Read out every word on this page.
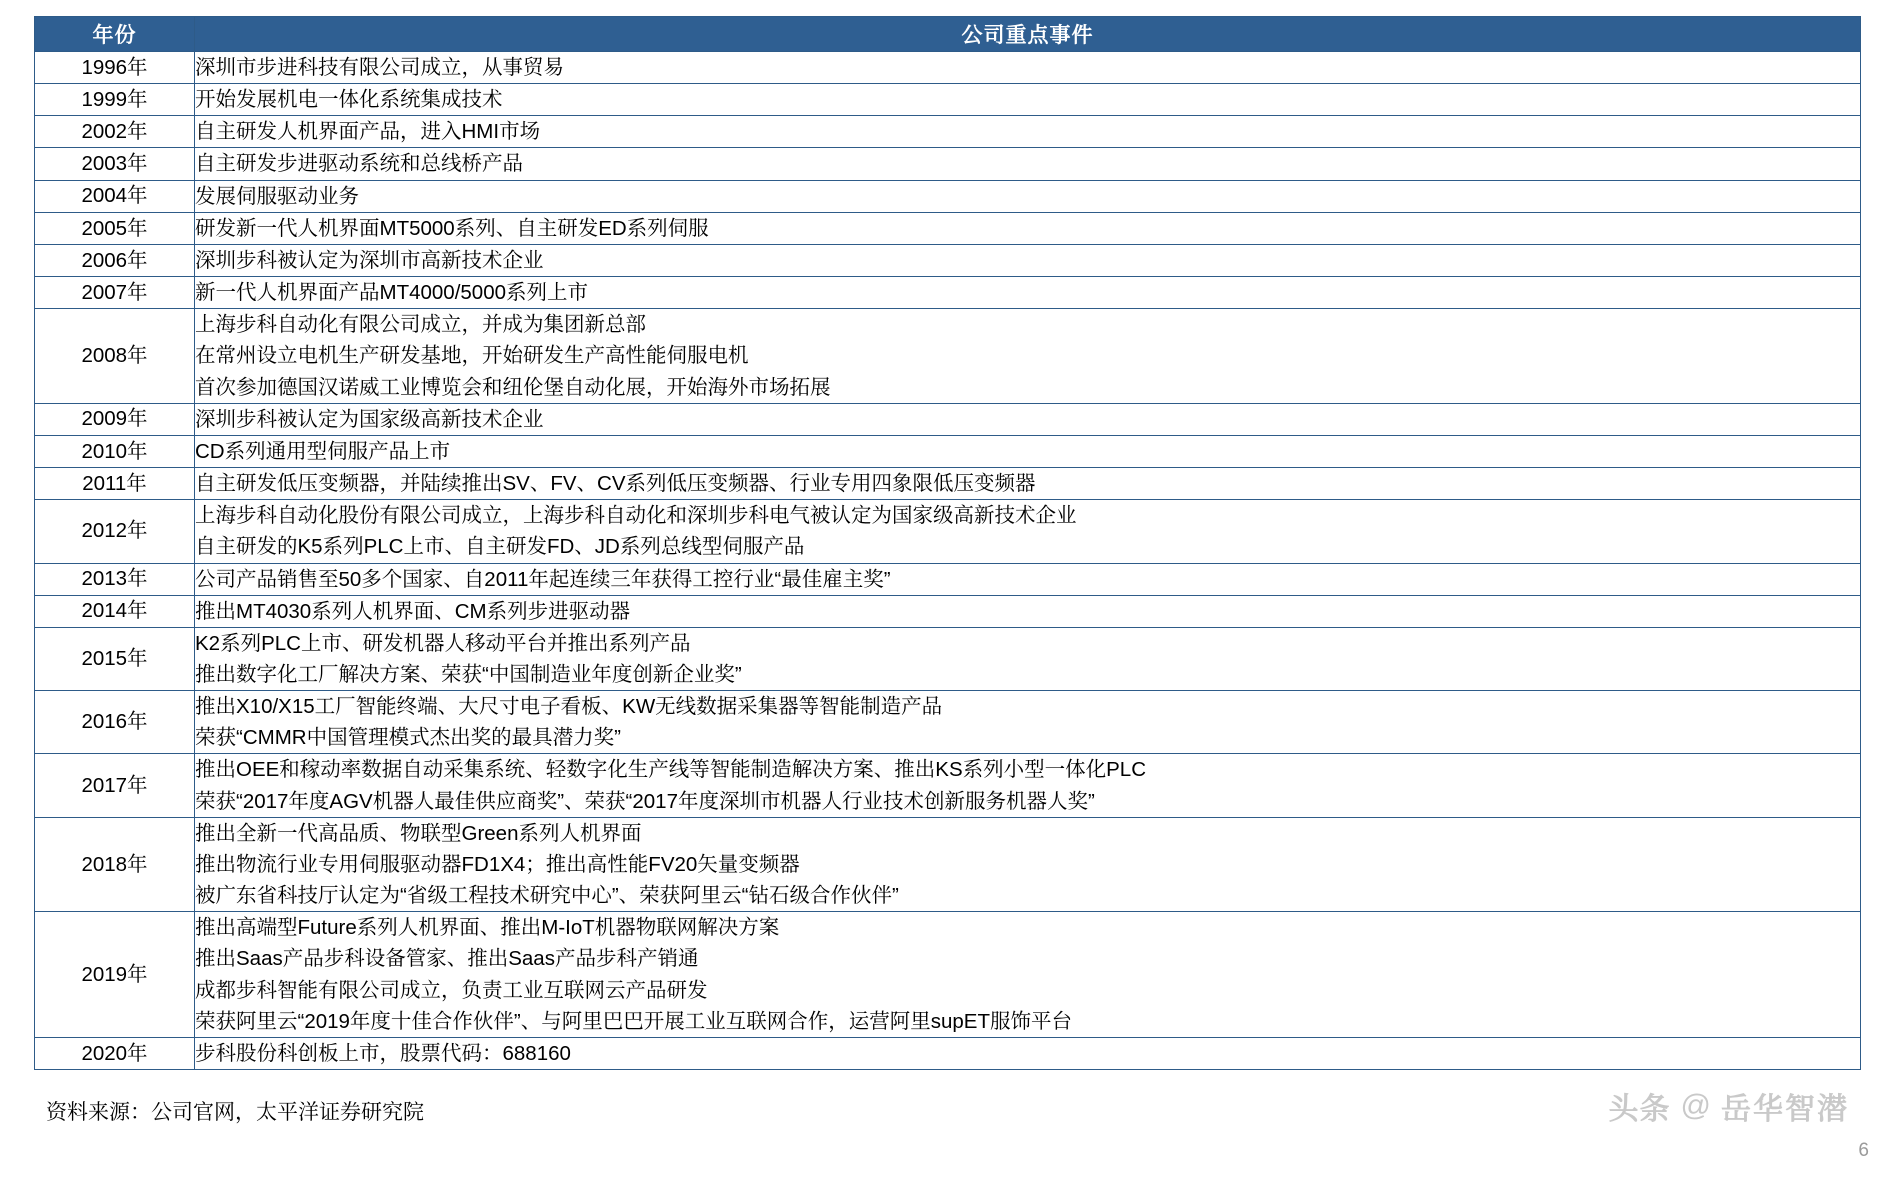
年份	公司重点事件
1996年	深圳市步进科技有限公司成立，从事贸易

1999年	开始发展机电一体化系统集成技术

2002年	自主研发人机界面产品，进入HMI市场

2003年	自主研发步进驱动系统和总线桥产品

2004年	发展伺服驱动业务

2005年	研发新一代人机界面MT5000系列、自主研发ED系列伺服

2006年	深圳步科被认定为深圳市高新技术企业

2007年	新一代人机界面产品MT4000/5000系列上市

2008年	上海步科自动化有限公司成立，并成为集团新总部
在常州设立电机生产研发基地，开始研发生产高性能伺服电机
首次参加德国汉诺威工业博览会和纽伦堡自动化展，开始海外市场拓展

2009年	深圳步科被认定为国家级高新技术企业

2010年	CD系列通用型伺服产品上市

2011年	自主研发低压变频器，并陆续推出SV、FV、CV系列低压变频器、行业专用四象限低压变频器

2012年	上海步科自动化股份有限公司成立，上海步科自动化和深圳步科电气被认定为国家级高新技术企业
自主研发的K5系列PLC上市、自主研发FD、JD系列总线型伺服产品

2013年	公司产品销售至50多个国家、自2011年起连续三年获得工控行业“最佳雇主奖”

2014年	推出MT4030系列人机界面、CM系列步进驱动器

2015年	K2系列PLC上市、研发机器人移动平台并推出系列产品
推出数字化工厂解决方案、荣获“中国制造业年度创新企业奖”

2016年	推出X10/X15工厂智能终端、大尺寸电子看板、KW无线数据采集器等智能制造产品
荣获“CMMR中国管理模式杰出奖的最具潜力奖”

2017年	推出OEE和稼动率数据自动采集系统、轻数字化生产线等智能制造解决方案、推出KS系列小型一体化PLC
荣获“2017年度AGV机器人最佳供应商奖”、荣获“2017年度深圳市机器人行业技术创新服务机器人奖”

2018年	推出全新一代高品质、物联型Green系列人机界面
推出物流行业专用伺服驱动器FD1X4；推出高性能FV20矢量变频器
被广东省科技厅认定为“省级工程技术研究中心”、荣获阿里云“钻石级合作伙伴”

2019年	推出高端型Future系列人机界面、推出M-IoT机器物联网解决方案
推出Saas产品步科设备管家、推出Saas产品步科产销通
成都步科智能有限公司成立，负责工业互联网云产品研发
荣获阿里云“2019年度十佳合作伙伴”、与阿里巴巴开展工业互联网合作，运营阿里supET服饰平台

2020年	步科股份科创板上市，股票代码：688160
资料来源：公司官网，太平洋证券研究院	头条 @ 岳华智潜
6
